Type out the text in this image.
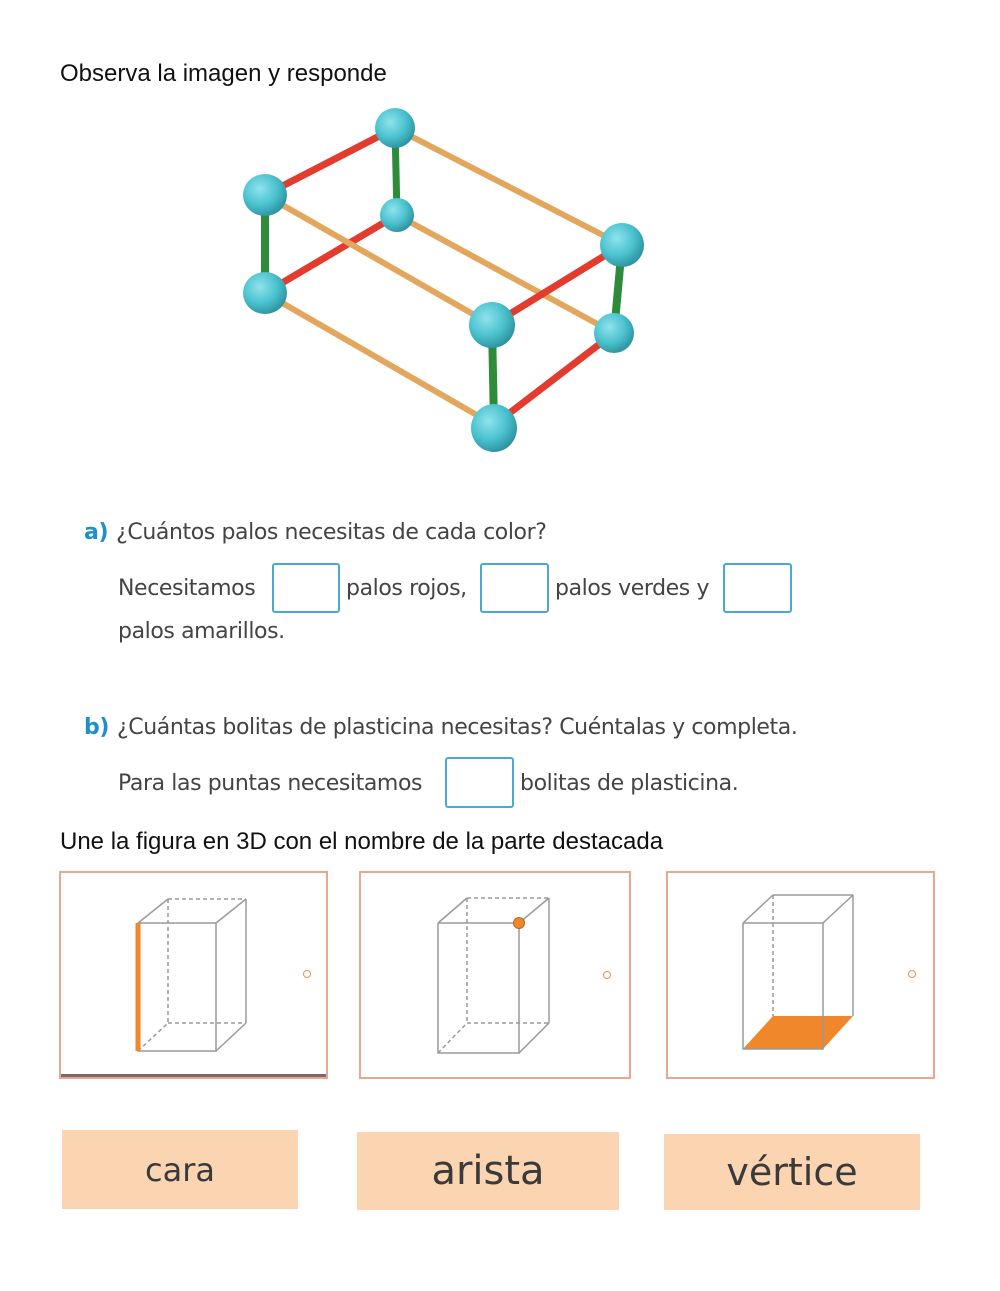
Observa la imagen y responde
a) ¿Cuántos palos necesitas de cada color?
Necesitamos	palos rojos,	palos verdes y
palos amarillos.
b) ¿Cuántas bolitas de plasticina necesitas? Cuéntalas y completa.
Para las puntas necesitamos	bolitas de plasticina.
Une la figura en 3D con el nombre de la parte destacada
cara	arista	vértice
